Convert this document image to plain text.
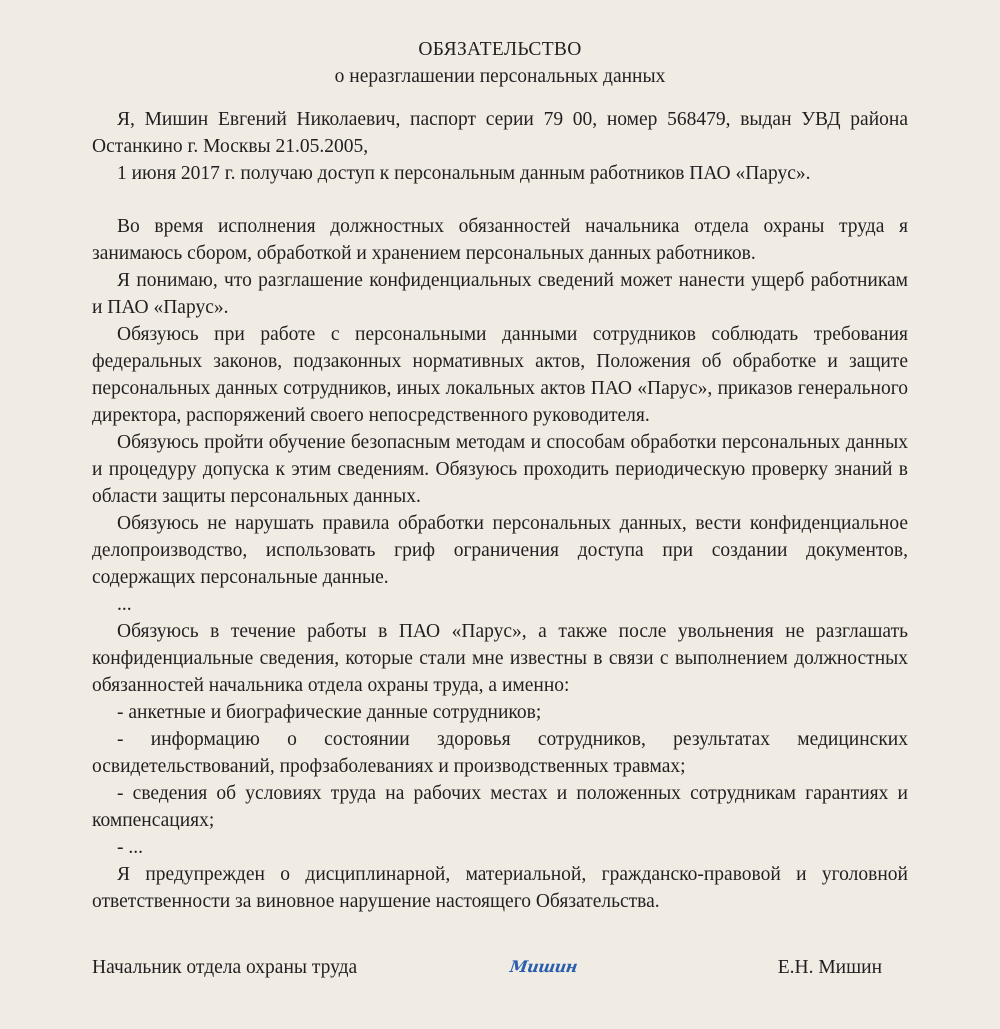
ОБЯЗАТЕЛЬСТВО
о неразглашении персональных данных

Я, Мишин Евгений Николаевич, паспорт серии 79 00, номер 568479, выдан УВД района Останкино г. Москвы 21.05.2005,

1 июня 2017 г. получаю доступ к персональным данным работников ПАО «Парус».

Во время исполнения должностных обязанностей начальника отдела охраны труда я занимаюсь сбором, обработкой и хранением персональных данных работников.

Я понимаю, что разглашение конфиденциальных сведений может нанести ущерб работникам и ПАО «Парус».

Обязуюсь при работе с персональными данными сотрудников соблюдать требования федеральных законов, подзаконных нормативных актов, Положения об обработке и защите персональных данных сотрудников, иных локальных актов ПАО «Парус», приказов генерального директора, распоряжений своего непосредственного руководителя.

Обязуюсь пройти обучение безопасным методам и способам обработки персональных данных и процедуру допуска к этим сведениям. Обязуюсь проходить периодическую проверку знаний в области защиты персональных данных.

Обязуюсь не нарушать правила обработки персональных данных, вести конфиденциальное делопроизводство, использовать гриф ограничения доступа при создании документов, содержащих персональные данные.

...

Обязуюсь в течение работы в ПАО «Парус», а также после увольнения не разглашать конфиденциальные сведения, которые стали мне известны в связи с выполнением должностных обязанностей начальника отдела охраны труда, а именно:

- анкетные и биографические данные сотрудников;

- информацию о состоянии здоровья сотрудников, результатах медицинских освидетельствований, профзаболеваниях и производственных травмах;

- сведения об условиях труда на рабочих местах и положенных сотрудникам гарантиях и компенсациях;

- ...

Я предупрежден о дисциплинарной, материальной, гражданско-правовой и уголовной ответственности за виновное нарушение настоящего Обязательства.

Начальник отдела охраны труда	Мишин	Е.Н. Мишин
